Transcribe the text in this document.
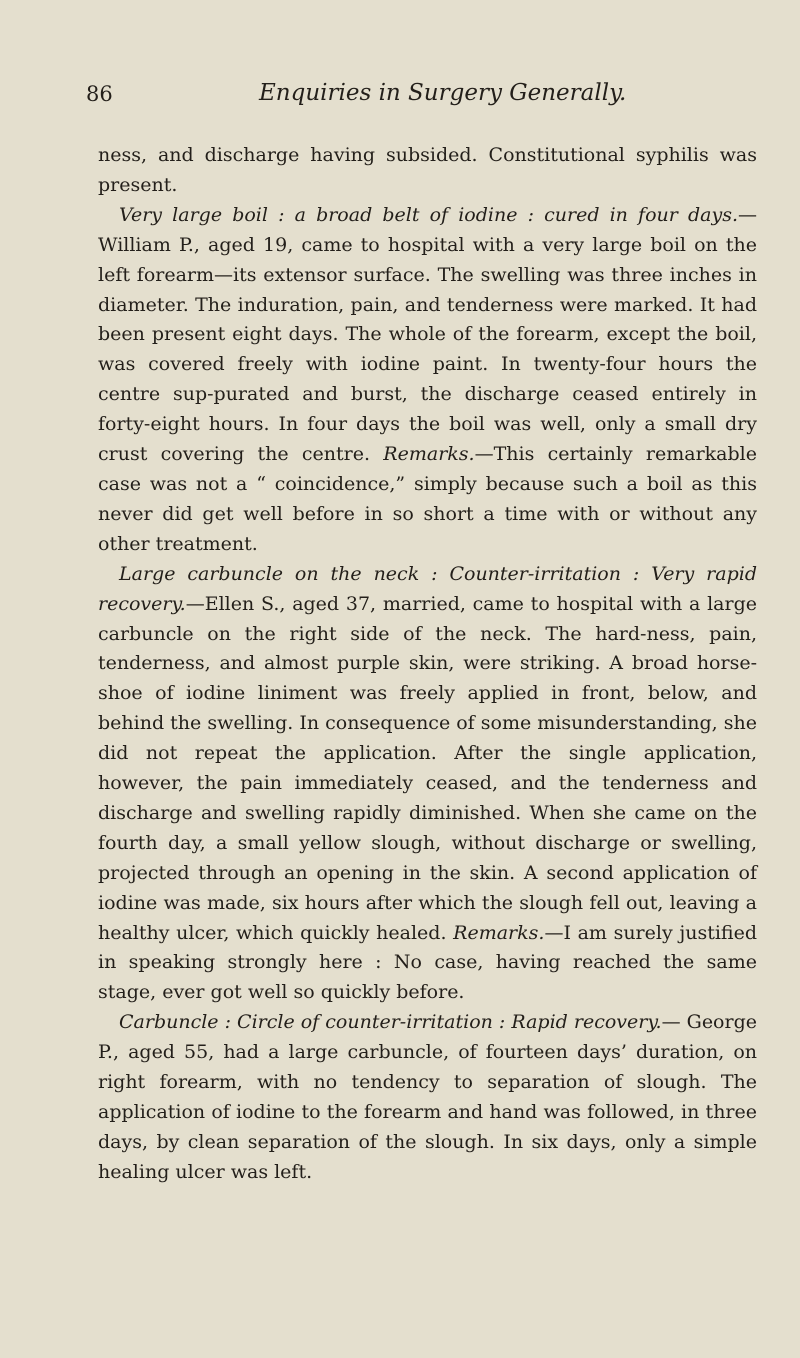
86	Enquiries in Surgery Generally.

ness, and discharge having subsided. Constitutional syphilis was present.

Very large boil : a broad belt of iodine : cured in four days.—William P., aged 19, came to hospital with a very large boil on the left forearm—its extensor surface. The swelling was three inches in diameter. The induration, pain, and tenderness were marked. It had been present eight days. The whole of the forearm, except the boil, was covered freely with iodine paint. In twenty-four hours the centre sup-purated and burst, the discharge ceased entirely in forty-eight hours. In four days the boil was well, only a small dry crust covering the centre. Remarks.—This certainly remarkable case was not a “ coincidence,” simply because such a boil as this never did get well before in so short a time with or without any other treatment.

Large carbuncle on the neck : Counter-irritation : Very rapid recovery.—Ellen S., aged 37, married, came to hospital with a large carbuncle on the right side of the neck. The hard-ness, pain, tenderness, and almost purple skin, were striking. A broad horse-shoe of iodine liniment was freely applied in front, below, and behind the swelling. In consequence of some misunderstanding, she did not repeat the application. After the single application, however, the pain immediately ceased, and the tenderness and discharge and swelling rapidly diminished. When she came on the fourth day, a small yellow slough, without discharge or swelling, projected through an opening in the skin. A second application of iodine was made, six hours after which the slough fell out, leaving a healthy ulcer, which quickly healed. Remarks.—I am surely justified in speaking strongly here : No case, having reached the same stage, ever got well so quickly before.

Carbuncle : Circle of counter-irritation : Rapid recovery.— George P., aged 55, had a large carbuncle, of fourteen days’ duration, on right forearm, with no tendency to separation of slough. The application of iodine to the forearm and hand was followed, in three days, by clean separation of the slough. In six days, only a simple healing ulcer was left.
